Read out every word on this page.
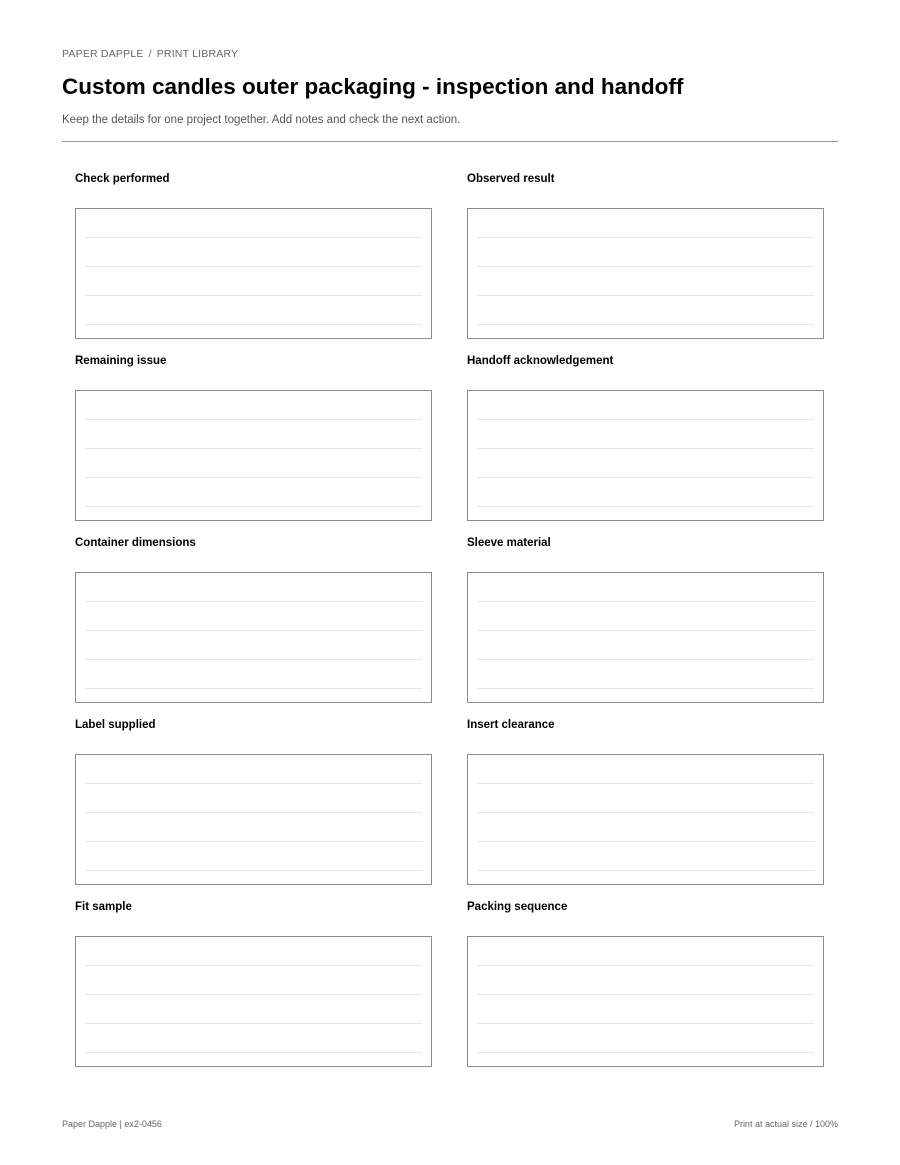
PAPER DAPPLE / PRINT LIBRARY
Custom candles outer packaging - inspection and handoff

Keep the details for one project together. Add notes and check the next action.

Check performed	Observed result
Remaining issue	Handoff acknowledgement
Container dimensions	Sleeve material
Label supplied	Insert clearance
Fit sample	Packing sequence
Paper Dapple | ex2-0456	Print at actual size / 100%
